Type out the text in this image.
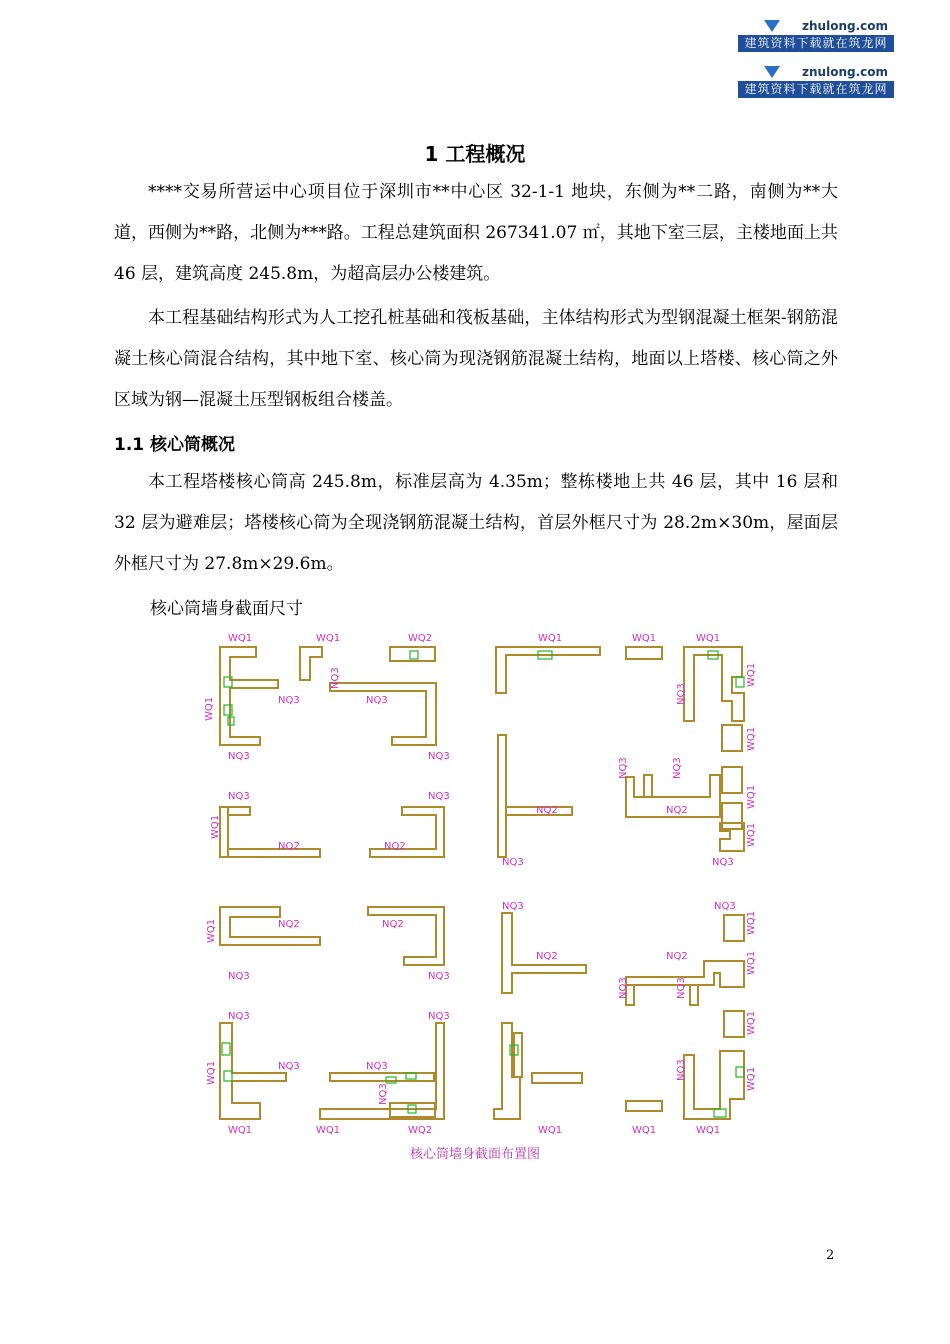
zhulong.com
建筑资料下载就在筑龙网
znulong.com
建筑资料下载就在筑龙网
1 工程概况

****交易所营运中心项目位于深圳市**中心区 32-1-1 地块，东侧为**二路，南侧为**大道，西侧为**路，北侧为***路。工程总建筑面积 267341.07 ㎡，其地下室三层，主楼地面上共 46 层，建筑高度 245.8m，为超高层办公楼建筑。

本工程基础结构形式为人工挖孔桩基础和筏板基础，主体结构形式为型钢混凝土框架-钢筋混凝土核心筒混合结构，其中地下室、核心筒为现浇钢筋混凝土结构，地面以上塔楼、核心筒之外区域为钢—混凝土压型钢板组合楼盖。

1.1 核心筒概况

本工程塔楼核心筒高 245.8m，标准层高为 4.35m；整栋楼地上共 46 层，其中 16 层和 32 层为避难层；塔楼核心筒为全现浇钢筋混凝土结构，首层外框尺寸为 28.2m×30m，屋面层外框尺寸为 27.8m×29.6m。

核心筒墙身截面尺寸

WQ1	WQ1	WQ2
WQ1
NQ3
NQ3	NQ3
NQ3	NQ3
NQ3	NQ3
WQ1
NQ2	NQ2
WQ1	NQ2	NQ2
NQ3	NQ3
NQ3	NQ3
WQ1	NQ3	NQ3
NQ3
WQ1	WQ1	WQ2
WQ1	WQ1	WQ1
NQ3
WQ1
WQ1
NQ3	NQ3
WQ1
NQ2	NQ2
NQ3
WQ1
NQ3
NQ3
NQ2
NQ3
WQ1
WQ1
NQ2
NQ3	NQ3
WQ1
NQ3	WQ1
WQ1	WQ1	WQ1
核心筒墙身截面布置图
2
